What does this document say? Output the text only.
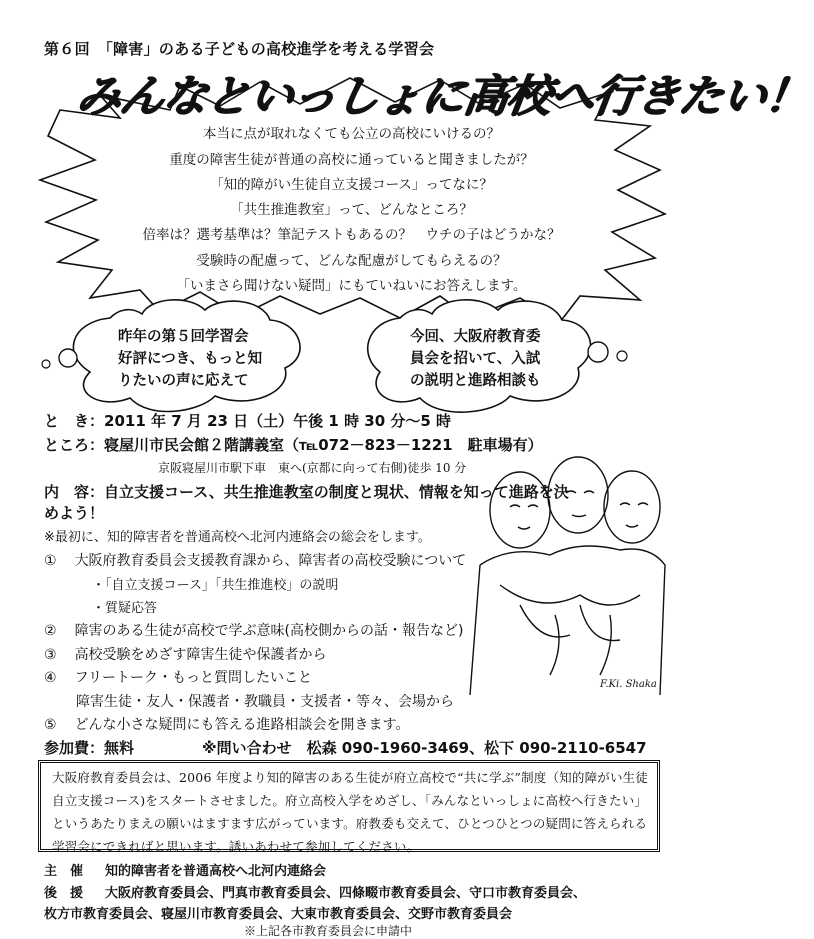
第６回　「障害」のある子どもの高校進学を考える学習会
みんなといっしょに高校へ行きたい！
本当に点が取れなくても公立の高校にいけるの？
重度の障害生徒が普通の高校に通っていると聞きましたが？
「知的障がい生徒自立支援コース」ってなに？
「共生推進教室」って、どんなところ？
倍率は？選考基準は？筆記テストもあるの？　ウチの子はどうかな？
受験時の配慮って、どんな配慮がしてもらえるの？
「いまさら聞けない疑問」にもていねいにお答えします。
昨年の第５回学習会
好評につき、もっと知
りたいの声に応えて
今回、大阪府教育委
員会を招いて、入試
の説明と進路相談も
と　き：2011 年 7 月 23 日（土）午後 1 時 30 分～5 時
ところ：寝屋川市民会館２階講義室（℡072－823－1221　駐車場有）
京阪寝屋川市駅下車　東へ(京都に向って右側)徒歩 10 分
内　容：自立支援コース、共生推進教室の制度と現状、情報を知って進路を決
めよう！
※最初に、知的障害者を普通高校へ北河内連絡会の総会をします。
F.Ki. Shaka
① 大阪府教育委員会支援教育課から、障害者の高校受験について
・「自立支援コース」「共生推進校」の説明
・質疑応答
② 障害のある生徒が高校で学ぶ意味(高校側からの話・報告など)
③ 高校受験をめざす障害生徒や保護者から
④ フリートーク・もっと質問したいこと
障害生徒・友人・保護者・教職員・支援者・等々、会場から
⑤ どんな小さな疑問にも答える進路相談会を開きます。
参加費：無料	※問い合わせ　松森 090-1960-3469、松下 090-2110-6547
大阪府教育委員会は、2006 年度より知的障害のある生徒が府立高校で“共に学ぶ”制度（知的障がい生徒自立支援コース)をスタートさせました。府立高校入学をめざし、「みんなといっしょに高校へ行きたい」というあたりまえの願いはますます広がっています。府教委も交えて、ひとつひとつの疑問に答えられる学習会にできればと思います。誘いあわせて参加してください。
主　催 知的障害者を普通高校へ北河内連絡会
後　援 大阪府教育委員会、門真市教育委員会、四條畷市教育委員会、守口市教育委員会、
枚方市教育委員会、寝屋川市教育委員会、大東市教育委員会、交野市教育委員会
※上記各市教育委員会に申請中
